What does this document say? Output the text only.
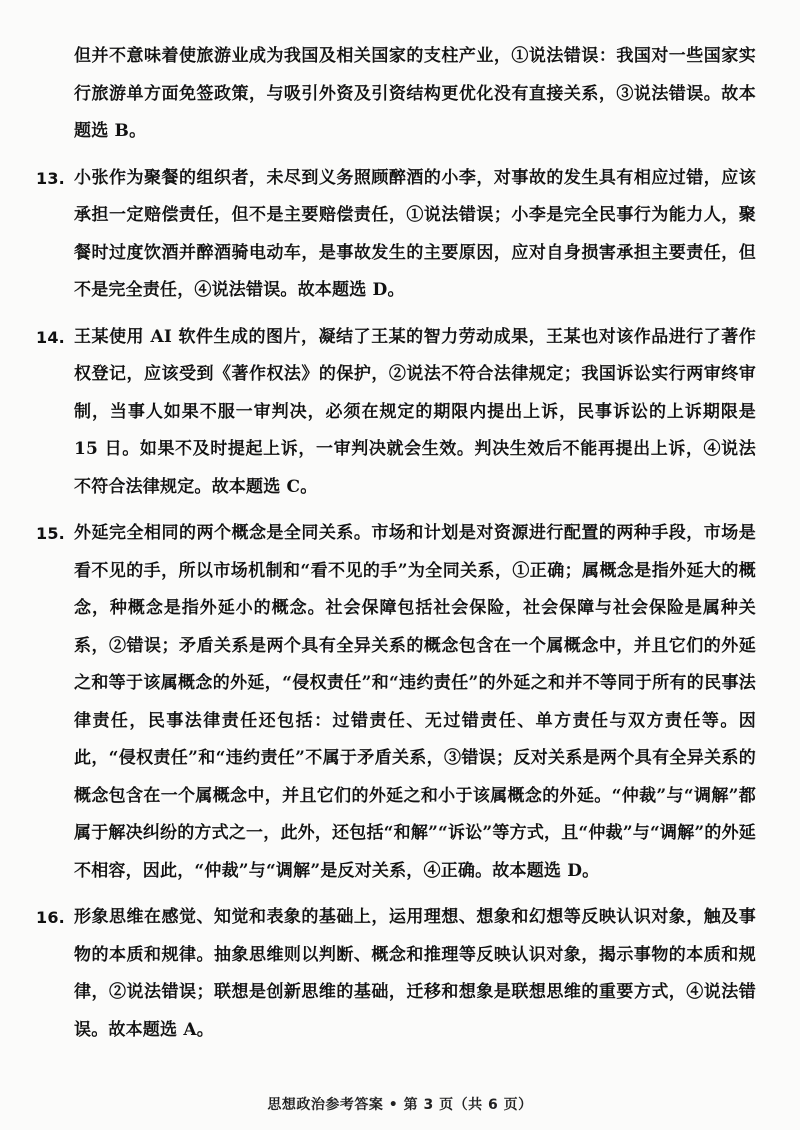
但并不意味着使旅游业成为我国及相关国家的支柱产业，①说法错误：我国对一些国家实行旅游单方面免签政策，与吸引外资及引资结构更优化没有直接关系，③说法错误。故本题选 B。

13. 小张作为聚餐的组织者，未尽到义务照顾醉酒的小李，对事故的发生具有相应过错，应该承担一定赔偿责任，但不是主要赔偿责任，①说法错误；小李是完全民事行为能力人，聚餐时过度饮酒并醉酒骑电动车，是事故发生的主要原因，应对自身损害承担主要责任，但不是完全责任，④说法错误。故本题选 D。

14. 王某使用 AI 软件生成的图片，凝结了王某的智力劳动成果，王某也对该作品进行了著作权登记，应该受到《著作权法》的保护，②说法不符合法律规定；我国诉讼实行两审终审制，当事人如果不服一审判决，必须在规定的期限内提出上诉，民事诉讼的上诉期限是 15 日。如果不及时提起上诉，一审判决就会生效。判决生效后不能再提出上诉，④说法不符合法律规定。故本题选 C。

15. 外延完全相同的两个概念是全同关系。市场和计划是对资源进行配置的两种手段，市场是看不见的手，所以市场机制和“看不见的手”为全同关系，①正确；属概念是指外延大的概念，种概念是指外延小的概念。社会保障包括社会保险，社会保障与社会保险是属种关系，②错误；矛盾关系是两个具有全异关系的概念包含在一个属概念中，并且它们的外延之和等于该属概念的外延，“侵权责任”和“违约责任”的外延之和并不等同于所有的民事法律责任，民事法律责任还包括：过错责任、无过错责任、单方责任与双方责任等。因此，“侵权责任”和“违约责任”不属于矛盾关系，③错误；反对关系是两个具有全异关系的概念包含在一个属概念中，并且它们的外延之和小于该属概念的外延。“仲裁”与“调解”都属于解决纠纷的方式之一，此外，还包括“和解”“诉讼”等方式，且“仲裁”与“调解”的外延不相容，因此，“仲裁”与“调解”是反对关系，④正确。故本题选 D。

16. 形象思维在感觉、知觉和表象的基础上，运用理想、想象和幻想等反映认识对象，触及事物的本质和规律。抽象思维则以判断、概念和推理等反映认识对象，揭示事物的本质和规律，②说法错误；联想是创新思维的基础，迁移和想象是联想思维的重要方式，④说法错误。故本题选 A。

思想政治参考答案 • 第 3 页（共 6 页）
